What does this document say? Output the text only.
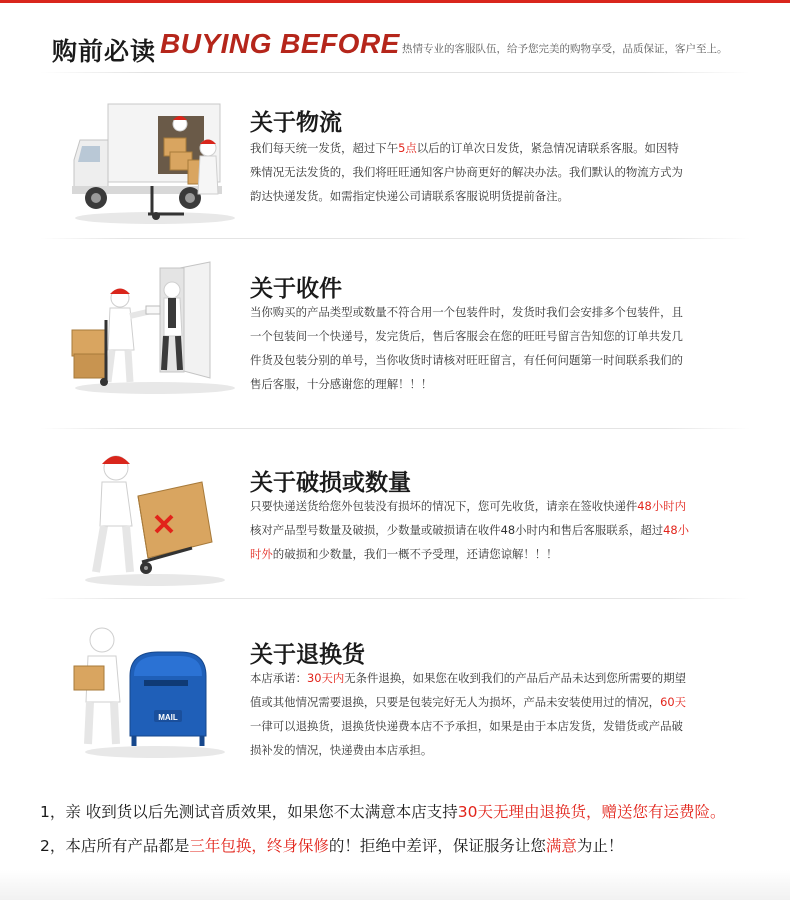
购前必读 BUYING BEFORE 热情专业的客服队伍，给予您完美的购物享受，品质保证，客户至上。
关于物流
我们每天统一发货，超过下午5点以后的订单次日发货，紧急情况请联系客服。如因特
殊情况无法发货的，我们将旺旺通知客户协商更好的解决办法。我们默认的物流方式为
韵达快递发货。如需指定快递公司请联系客服说明货提前备注。
关于收件
当你购买的产品类型或数量不符合用一个包装件时，发货时我们会安排多个包装件，且
一个包装间一个快递号，发完货后，售后客服会在您的旺旺号留言告知您的订单共发几
件货及包装分别的单号，当你收货时请核对旺旺留言，有任何问题第一时间联系我们的
售后客服，十分感谢您的理解！！！
关于破损或数量
只要快递送货给您外包装没有损坏的情况下，您可先收货，请亲在签收快递件48小时内
核对产品型号数量及破损，少数量或破损请在收件48小时内和售后客服联系，超过48小
时外的破损和少数量，我们一概不予受理，还请您谅解！！！
MAIL
关于退换货
本店承诺：30天内无条件退换，如果您在收到我们的产品后产品未达到您所需要的期望
值或其他情况需要退换，只要是包装完好无人为损坏，产品未安装使用过的情况，60天
一律可以退换货，退换货快递费本店不予承担，如果是由于本店发货，发错货或产品破
损补发的情况，快递费由本店承担。
1，亲 收到货以后先测试音质效果，如果您不太满意本店支持30天无理由退换货，赠送您有运费险。
2，本店所有产品都是三年包换，终身保修的！拒绝中差评，保证服务让您满意为止！
